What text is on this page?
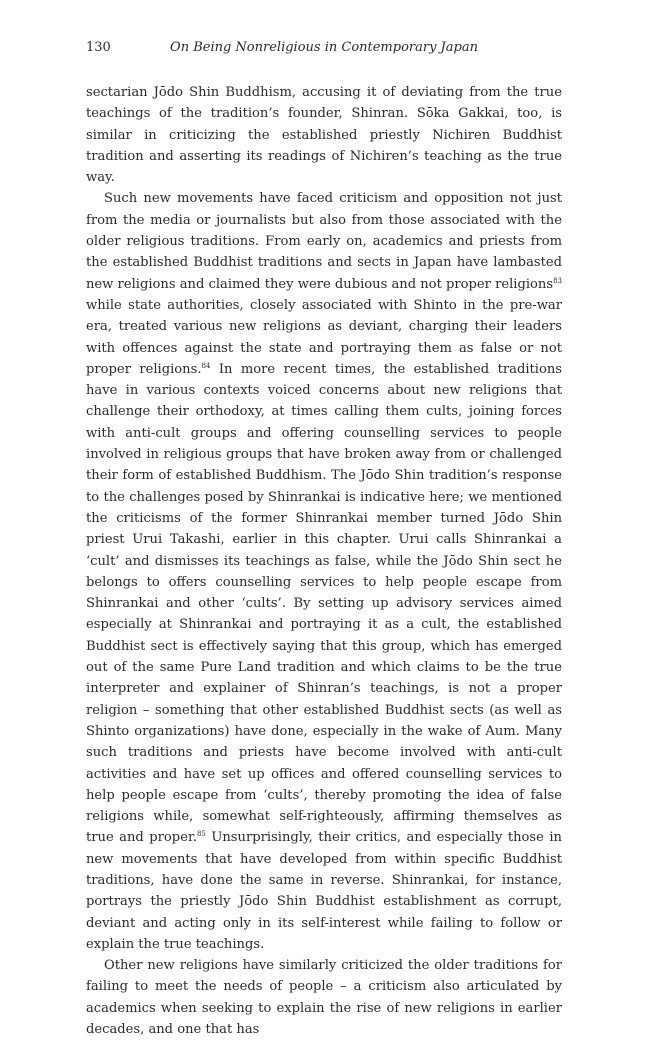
130	On Being Nonreligious in Contemporary Japan

sectarian Jōdo Shin Buddhism, accusing it of deviating from the true teachings of the tradition’s founder, Shinran. Sōka Gakkai, too, is similar in criticizing the established priestly Nichiren Buddhist tradition and asserting its readings of Nichiren’s teaching as the true way.

Such new movements have faced criticism and opposition not just from the media or journalists but also from those associated with the older religious traditions. From early on, academics and priests from the established Buddhist traditions and sects in Japan have lambasted new religions and claimed they were dubious and not proper religions$^{83}$ while state authorities, closely associated with Shinto in the pre-war era, treated various new religions as deviant, charging their leaders with offences against the state and portraying them as false or not proper religions.$^{84}$ In more recent times, the established traditions have in various contexts voiced concerns about new religions that challenge their orthodoxy, at times calling them cults, joining forces with anti-cult groups and offering counselling services to people involved in religious groups that have broken away from or challenged their form of established Buddhism. The Jōdo Shin tradition’s response to the challenges posed by Shinrankai is indicative here; we mentioned the criticisms of the former Shinrankai member turned Jōdo Shin priest Urui Takashi, earlier in this chapter. Urui calls Shinrankai a ‘cult’ and dismisses its teachings as false, while the Jōdo Shin sect he belongs to offers counselling services to help people escape from Shinrankai and other ‘cults’. By setting up advisory services aimed especially at Shinrankai and portraying it as a cult, the established Buddhist sect is effectively saying that this group, which has emerged out of the same Pure Land tradition and which claims to be the true interpreter and explainer of Shinran’s teachings, is not a proper religion – something that other established Buddhist sects (as well as Shinto organizations) have done, especially in the wake of Aum. Many such traditions and priests have become involved with anti-cult activities and have set up offices and offered counselling services to help people escape from ‘cults’, thereby promoting the idea of false religions while, somewhat self-righteously, affirming themselves as true and proper.$^{85}$ Unsurprisingly, their critics, and especially those in new movements that have developed from within specific Buddhist traditions, have done the same in reverse. Shinrankai, for instance, portrays the priestly Jōdo Shin Buddhist establishment as corrupt, deviant and acting only in its self-interest while failing to follow or explain the true teachings.

Other new religions have similarly criticized the older traditions for failing to meet the needs of people – a criticism also articulated by academics when seeking to explain the rise of new religions in earlier decades, and one that has
